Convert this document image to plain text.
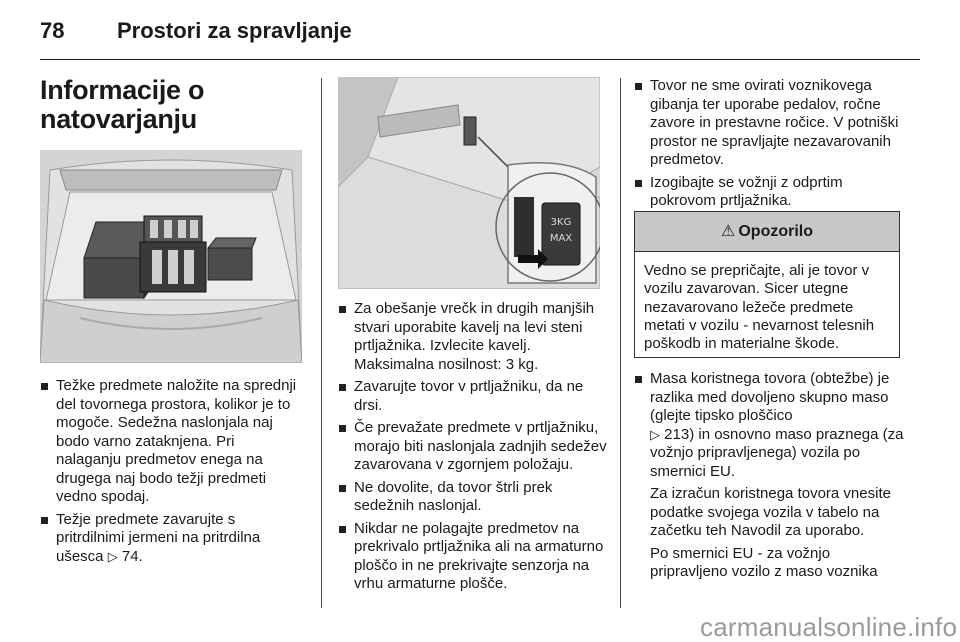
78 Prostori za spravljanje
Informacije o
natovarjanju
Težke predmete naložite na sprednji del tovornega prostora, kolikor je to mogoče. Sedežna naslonjala naj bodo varno zataknjena. Pri nalaganju predmetov enega na drugega naj bodo težji predmeti vedno spodaj.
Težje predmete zavarujte s pritrdilnimi jermeni na pritrdilna ušesca ▷ 74.
3KG
MAX
Za obešanje vrečk in drugih manjših stvari uporabite kavelj na levi steni prtljažnika. Izvlecite kavelj. Maksimalna nosilnost: 3 kg.
Zavarujte tovor v prtljažniku, da ne drsi.
Če prevažate predmete v prtljažniku, morajo biti naslonjala zadnjih sedežev zavarovana v zgornjem položaju.
Ne dovolite, da tovor štrli prek sedežnih naslonjal.
Nikdar ne polagajte predmetov na prekrivalo prtljažnika ali na armaturno ploščo in ne prekrivajte senzorja na vrhu armaturne plošče.
Tovor ne sme ovirati voznikovega gibanja ter uporabe pedalov, ročne zavore in prestavne ročice. V potniški prostor ne spravljajte nezavarovanih predmetov.
Izogibajte se vožnji z odprtim pokrovom prtljažnika.
⚠ Opozorilo
Vedno se prepričajte, ali je tovor v vozilu zavarovan. Sicer utegne nezavarovano ležeče predmete metati v vozilu - nevarnost telesnih poškodb in materialne škode.
Masa koristnega tovora (obtežbe) je razlika med dovoljeno skupno maso (glejte tipsko ploščico
▷ 213) in osnovno maso praznega (za vožnjo pripravljenega) vozila po smernici EU.
Za izračun koristnega tovora vnesite podatke svojega vozila v tabelo na začetku teh Navodil za uporabo.
Po smernici EU - za vožnjo pripravljeno vozilo z maso voznika
carmanualsonline.info
